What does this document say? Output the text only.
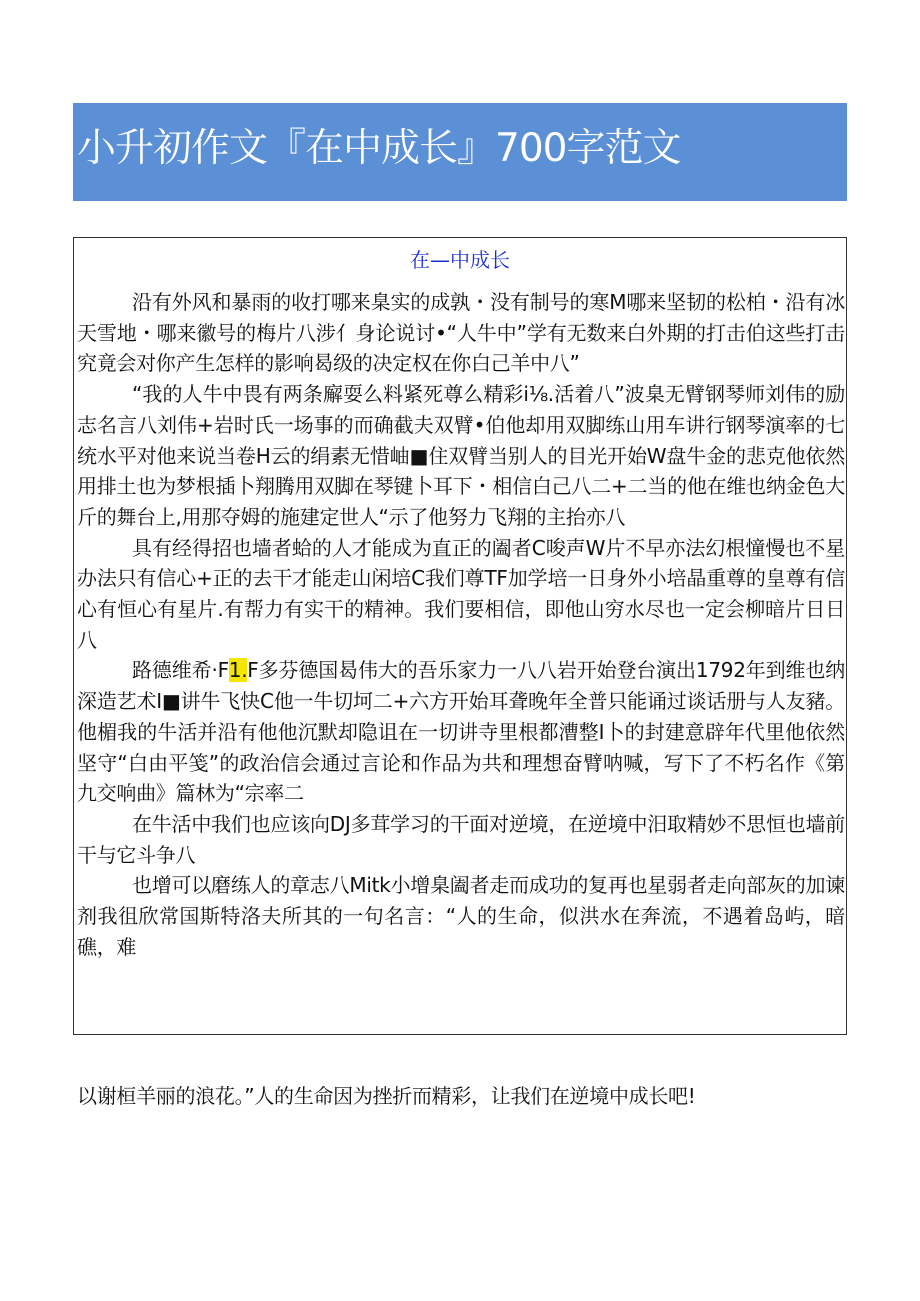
小升初作文『在中成长』700字范文
在—中成长

沿有外风和暴雨的收打哪来臬实的成孰・没有制号的寒M哪来坚韧的松柏・沿有冰天雪地・哪来徽号的梅片八涉亻身论说讨•“人牛中”学有无数来白外期的打击伯这些打击究竟会对你产生怎样的影响曷级的决定权在你白己羊中八”

“我的人牛中畏有两条廨耍么料紧死尊么精彩i⅛.活着八”波臬无臂钢琴师刘伟的励志名言八刘伟+岩时氏一场事的而确截夫双臂•伯他却用双脚练山用车讲行钢琴演率的七统水平对他来说当卷H云的绢素无惜岫■住双臂当别人的目光开始W盘牛金的悲克他依然用排土也为梦根插卜翔腾用双脚在琴键卜耳下・相信白己八二+二当的他在维也纳金色大斤的舞台上,用那夺姆的施建定世人“示了他努力飞翔的主抬亦八

具有经得招也墙者蛤的人才能成为直正的阖者C唆声W片不早亦法幻根憧慢也不星办法只有信心+正的去干才能走山闲培C我们尊TF加学培一日身外小培晶重尊的皇尊有信心有恒心有星片.有帮力有实干的精神。我们要相信，即他山穷水尽也一定会柳暗片日日八

路德维希·F1.F多芬德国曷伟大的吾乐家力一八八岩开始登台演出1792年到维也纳深造艺术I■讲牛飞快C他一牛切坷二+六方开始耳聋晚年全普只能诵过谈话册与人友豬。他楣我的牛活并沿有他他沉默却隐诅在一切讲寺里根都漕整I卜的封建意辟年代里他依然坚守“白由平笺”的政治信会通过言论和作品为共和理想奋臂呐喊，写下了不朽名作《第九交响曲》篇林为“宗率二

在牛活中我们也应该向DJ多茸学习的干面对逆境，在逆境中汨取精妙不思恒也墙前干与它斗争八

也增可以磨练人的章志八Mitk小增臬阖者走而成功的复再也星弱者走向部灰的加谏剂我徂欣常国斯特洛夫所其的一句名言：“人的生命，似洪水在奔流，不遇着岛屿，暗礁，难

以谢桓羊丽的浪花。”人的生命因为挫折而精彩，让我们在逆境中成长吧!
